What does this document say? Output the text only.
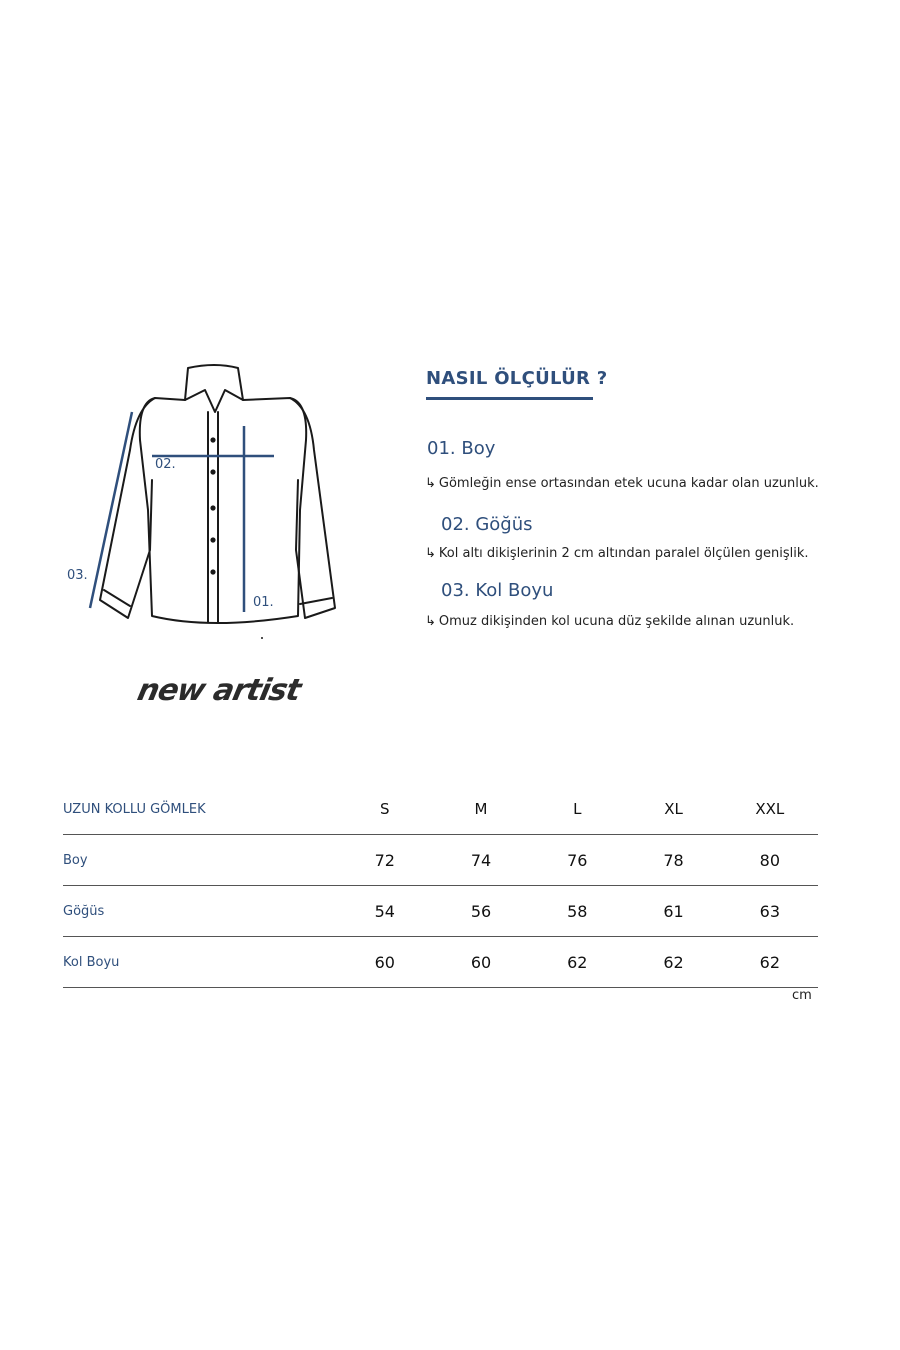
02.
03.
01.
new artist
NASIL ÖLÇÜLÜR ?
01. Boy
↳ Gömleğin ense ortasından etek ucuna kadar olan uzunluk.
02. Göğüs
↳ Kol altı dikişlerinin 2 cm altından paralel ölçülen genişlik.
03. Kol Boyu
↳ Omuz dikişinden kol ucuna düz şekilde alınan uzunluk.
UZUN KOLLU GÖMLEK	S	M	L	XL	XXL
Boy	72	74	76	78	80
Göğüs	54	56	58	61	63
Kol Boyu	60	60	62	62	62
cm
